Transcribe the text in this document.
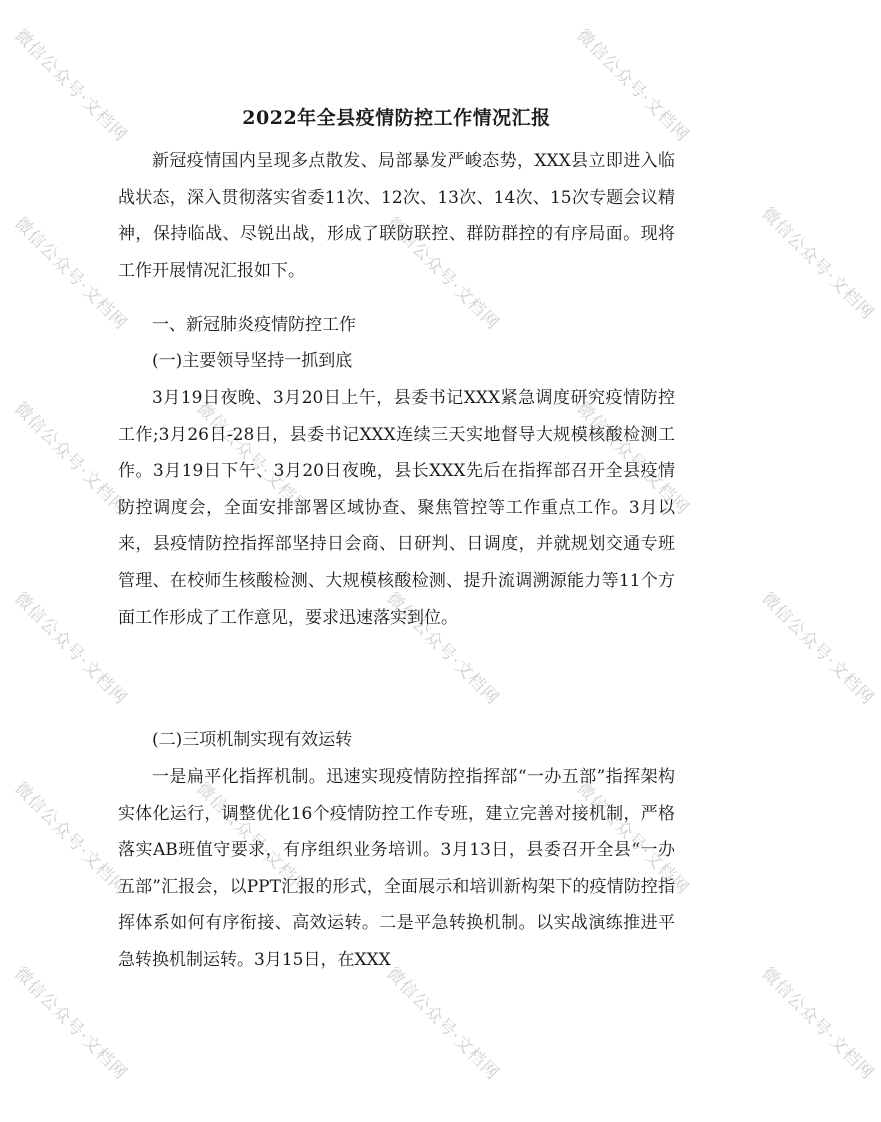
微信公众号·文档网	微信公众号·文档网
微信公众号·文档网	微信公众号·文档网	微信公众号·文档网
微信公众号·文档网
微信公众号·文档网	微信公众号·文档网
微信公众号·文档网	微信公众号·文档网	微信公众号·文档网
微信公众号·文档网	微信公众号·文档网
微信公众号·文档网
微信公众号·文档网	微信公众号·文档网	微信公众号·文档网
2022年全县疫情防控工作情况汇报

新冠疫情国内呈现多点散发、局部暴发严峻态势，XXX县立即进入临战状态，深入贯彻落实省委11次、12次、13次、14次、15次专题会议精神，保持临战、尽锐出战，形成了联防联控、群防群控的有序局面。现将工作开展情况汇报如下。

一、新冠肺炎疫情防控工作

(一)主要领导坚持一抓到底

3月19日夜晚、3月20日上午，县委书记XXX紧急调度研究疫情防控工作;3月26日-28日，县委书记XXX连续三天实地督导大规模核酸检测工作。3月19日下午、3月20日夜晚，县长XXX先后在指挥部召开全县疫情防控调度会，全面安排部署区域协查、聚焦管控等工作重点工作。3月以来，县疫情防控指挥部坚持日会商、日研判、日调度，并就规划交通专班管理、在校师生核酸检测、大规模核酸检测、提升流调溯源能力等11个方面工作形成了工作意见，要求迅速落实到位。

(二)三项机制实现有效运转

一是扁平化指挥机制。迅速实现疫情防控指挥部“一办五部”指挥架构实体化运行，调整优化16个疫情防控工作专班，建立完善对接机制，严格落实AB班值守要求，有序组织业务培训。3月13日，县委召开全县“一办五部”汇报会，以PPT汇报的形式，全面展示和培训新构架下的疫情防控指挥体系如何有序衔接、高效运转。二是平急转换机制。以实战演练推进平急转换机制运转。3月15日，在XXX
